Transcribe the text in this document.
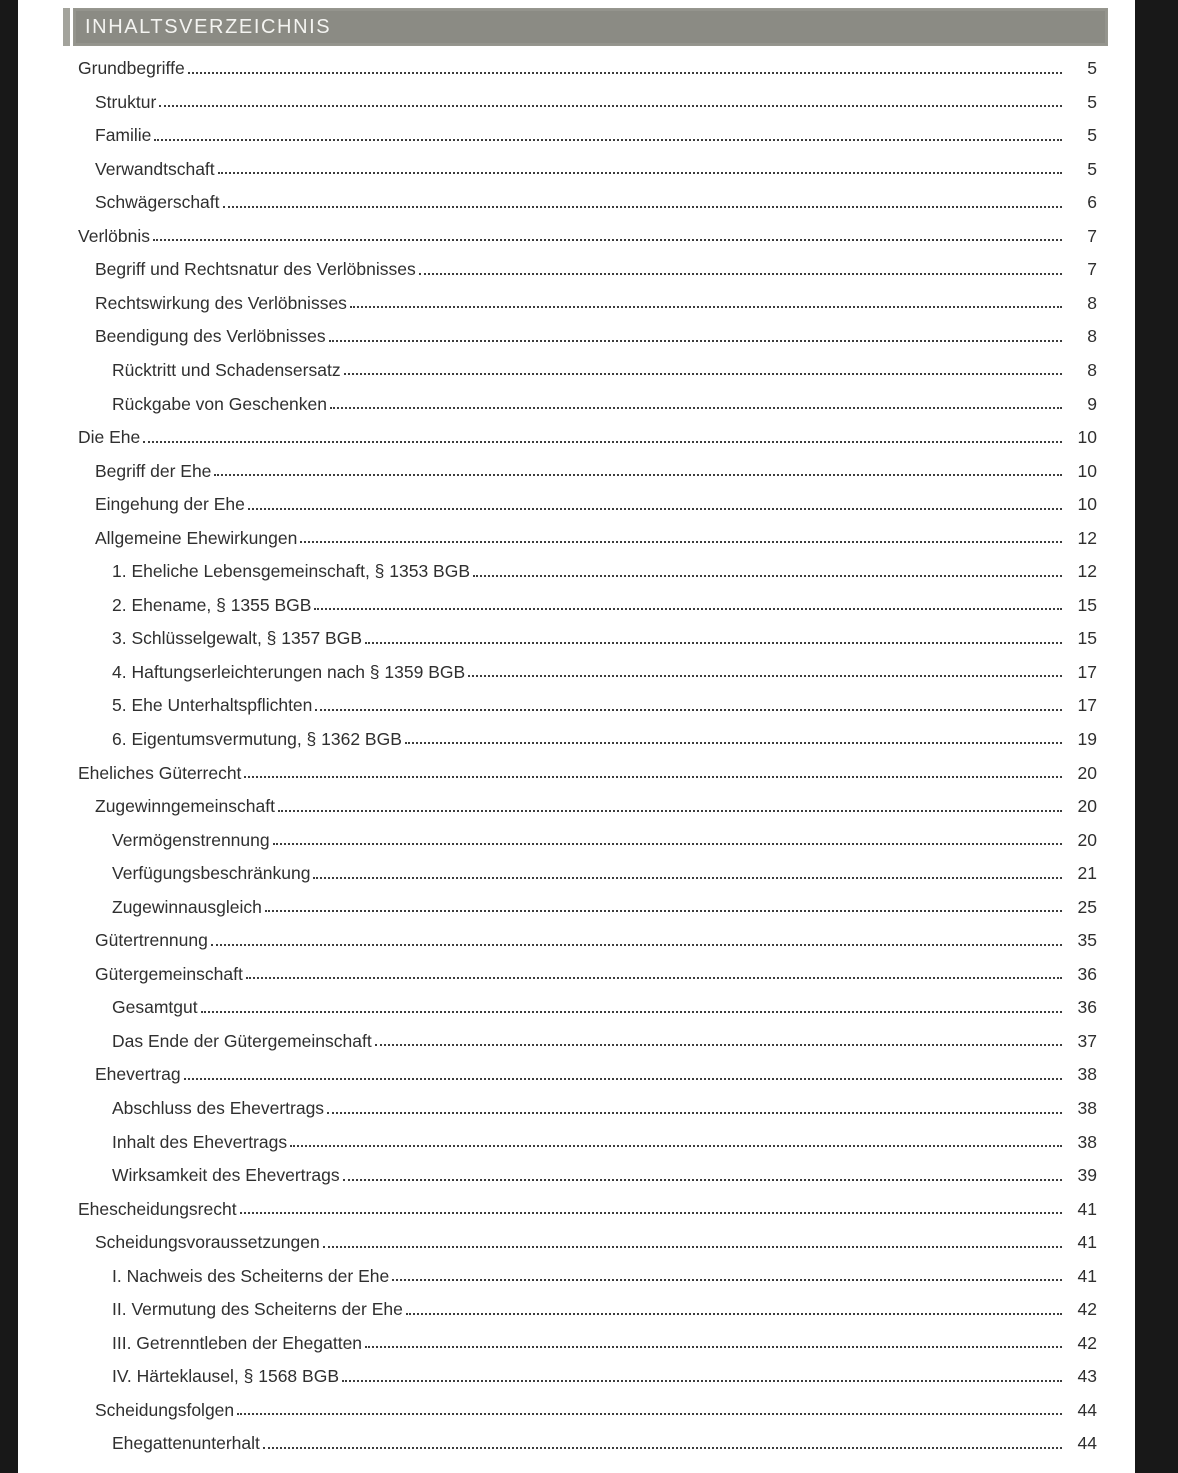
INHALTSVERZEICHNIS
Grundbegriffe	5
Struktur	5
Familie	5
Verwandtschaft	5
Schwägerschaft	6
Verlöbnis	7
Begriff und Rechtsnatur des Verlöbnisses	7
Rechtswirkung des Verlöbnisses	8
Beendigung des Verlöbnisses	8
Rücktritt und Schadensersatz	8
Rückgabe von Geschenken	9
Die Ehe	10
Begriff der Ehe	10
Eingehung der Ehe	10
Allgemeine Ehewirkungen	12
1. Eheliche Lebensgemeinschaft, § 1353 BGB	12
2. Ehename, § 1355 BGB	15
3. Schlüsselgewalt, § 1357 BGB	15
4. Haftungserleichterungen nach § 1359 BGB	17
5. Ehe Unterhaltspflichten	17
6. Eigentumsvermutung, § 1362 BGB	19
Eheliches Güterrecht	20
Zugewinngemeinschaft	20
Vermögenstrennung	20
Verfügungsbeschränkung	21
Zugewinnausgleich	25
Gütertrennung	35
Gütergemeinschaft	36
Gesamtgut	36
Das Ende der Gütergemeinschaft	37
Ehevertrag	38
Abschluss des Ehevertrags	38
Inhalt des Ehevertrags	38
Wirksamkeit des Ehevertrags	39
Ehescheidungsrecht	41
Scheidungsvoraussetzungen	41
I. Nachweis des Scheiterns der Ehe	41
II. Vermutung des Scheiterns der Ehe	42
III. Getrenntleben der Ehegatten	42
IV. Härteklausel, § 1568 BGB	43
Scheidungsfolgen	44
Ehegattenunterhalt	44
